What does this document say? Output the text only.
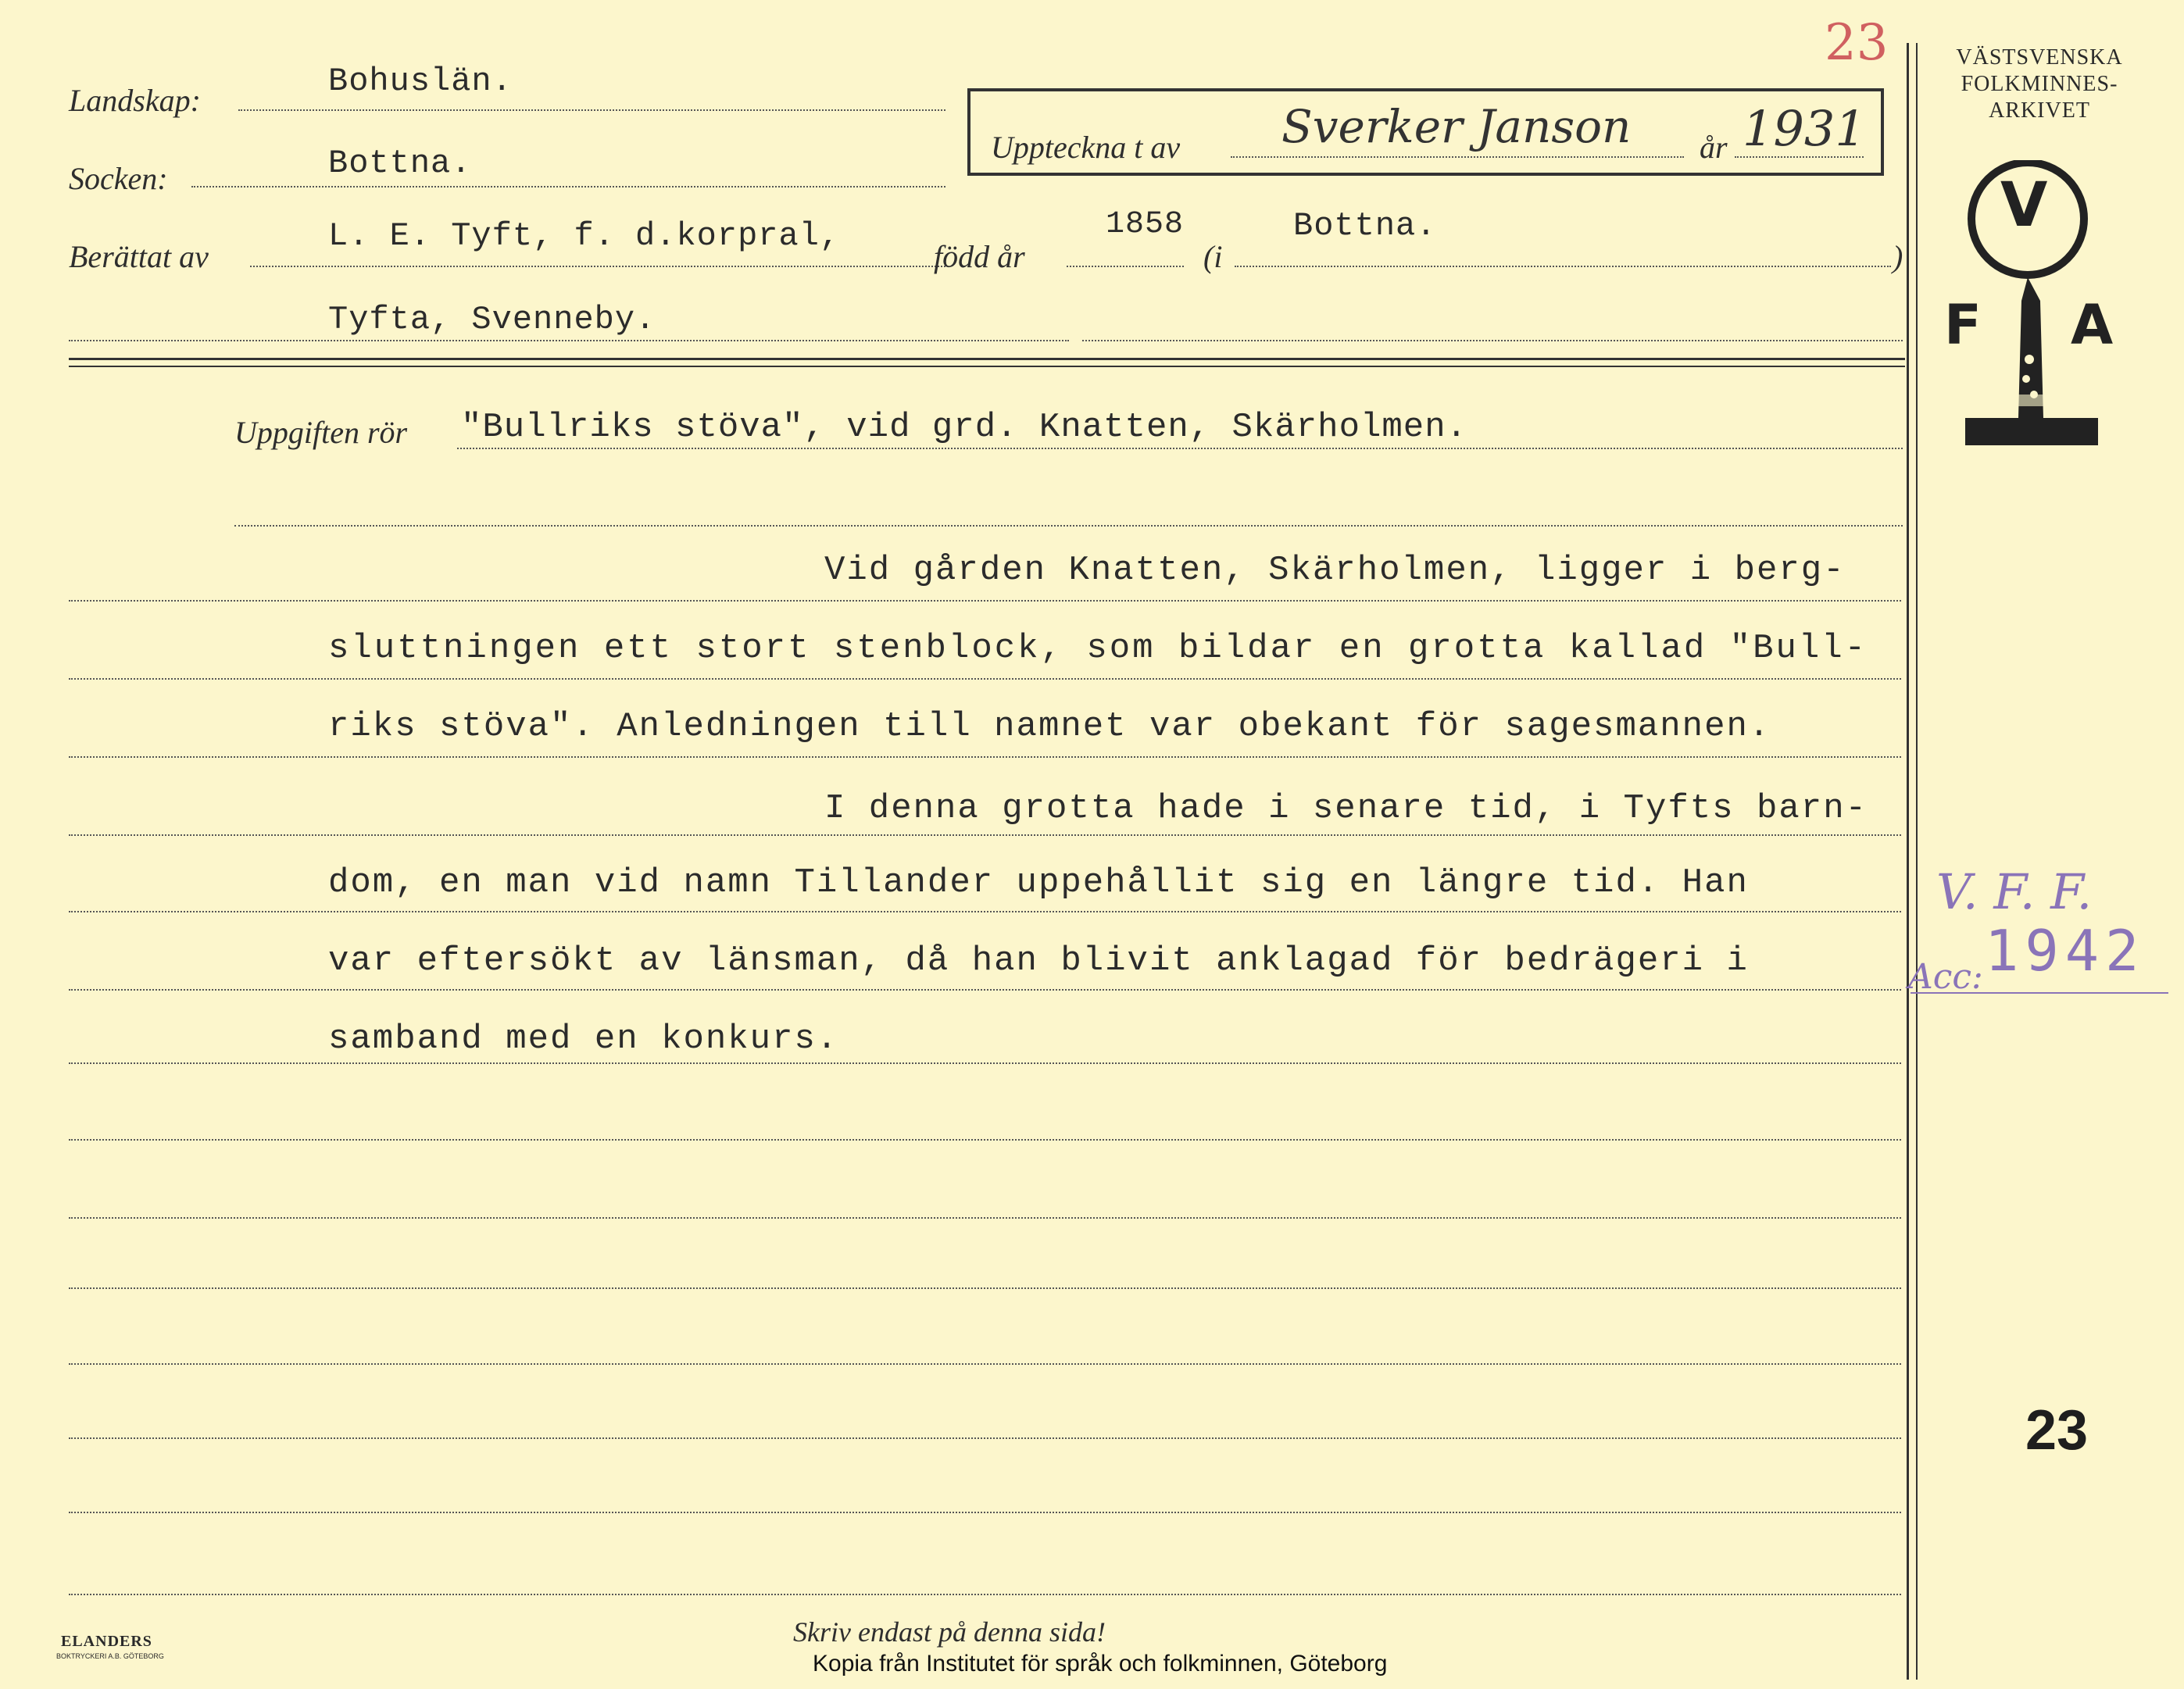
23
Landskap:
Bohuslän.
Socken:	Bottna.	Uppteckna t av Sverker Janson år 1931
Berättat av
L. E. Tyft, f. d.korpral,
född år
1858
(i
Bottna.
)
Tyfta, Svenneby.
VÄSTSVENSKA
FOLKMINNES-
ARKIVET
V
F A
Uppgiften rör "Bullriks stöva", vid grd. Knatten, Skärholmen.
Vid gården Knatten, Skärholmen, ligger i berg-
sluttningen ett stort stenblock, som bildar en grotta kallad "Bull-
riks stöva". Anledningen till namnet var obekant för sagesmannen.
I denna grotta hade i senare tid, i Tyfts barn-
dom, en man vid namn Tillander uppehållit sig en längre tid. Han
var eftersökt av länsman, då han blivit anklagad för bedrägeri i
samband med en konkurs.
V. F. F.
Acc: 1942
23
Skriv endast på denna sida!
ELANDERS
BOKTRYCKERI A.B. GÖTEBORG	Kopia från Institutet för språk och folkminnen, Göteborg
